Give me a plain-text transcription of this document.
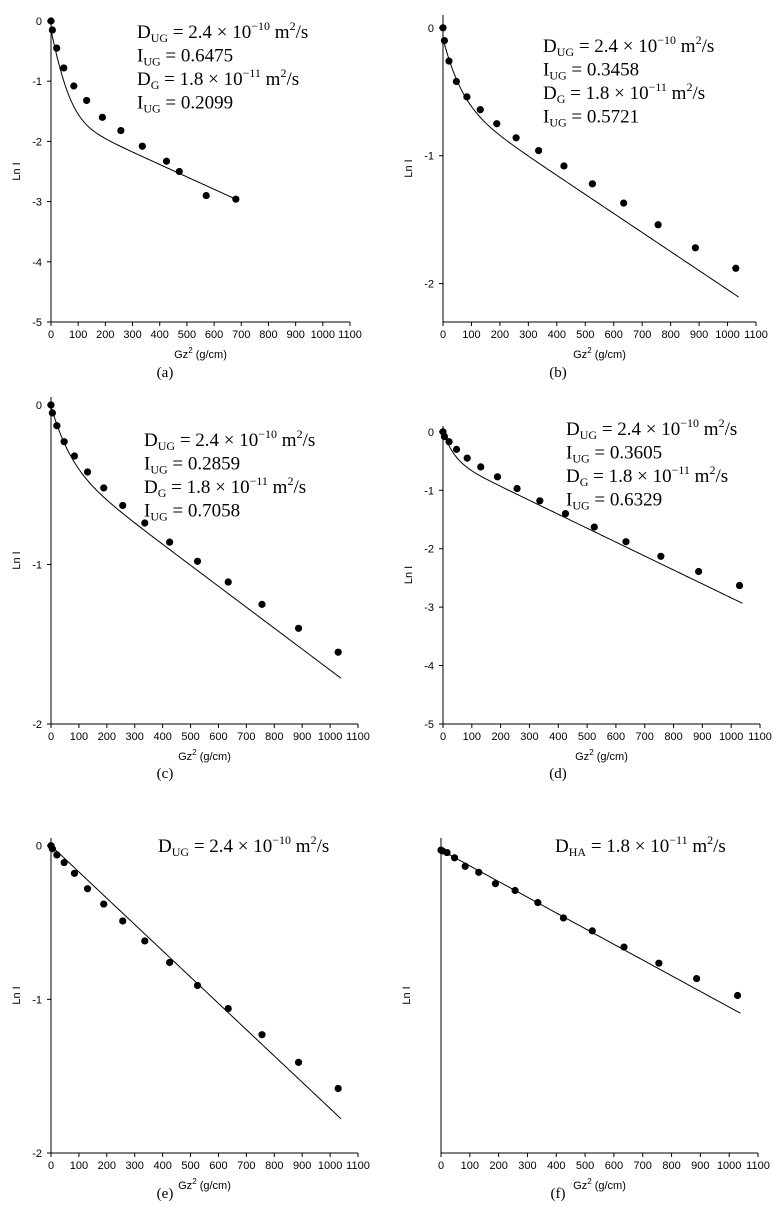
0 100 200 300 400 500 600 700 800 900 1000 1100
0
-1
-2
-3
-4
-5
Gz$^2$ (g/cm)
Ln I
$D_{UG} = 2.4 \times 10^{-10}$ $m^2/s$
$I_{UG} = 0.6475$
$D_G = 1.8 \times 10^{-11}$ $m^2/s$
$I_{UG} = 0.2099$
(a)
0 100 200 300 400 500 600 700 800 900 1000 1100
0
-1
-2
Gz$^2$ (g/cm)
Ln I
$D_{UG} = 2.4 \times 10^{-10}$ $m^2/s$
$I_{UG} = 0.3458$
$D_G = 1.8 \times 10^{-11}$ $m^2/s$
$I_{UG} = 0.5721$
(b)
0 100 200 300 400 500 600 700 800 900 1000 1100
0
-1
-2
Gz$^2$ (g/cm)
Ln I
$D_{UG} = 2.4 \times 10^{-10}$ $m^2/s$
$I_{UG} = 0.2859$
$D_G = 1.8 \times 10^{-11}$ $m^2/s$
$I_{UG} = 0.7058$
(c)
0 100 200 300 400 500 600 700 800 900 1000 1100
0
-1
-2
-3
-4
-5
Gz$^2$ (g/cm)
Ln I
$D_{UG} = 2.4 \times 10^{-10}$ $m^2/s$
$I_{UG} = 0.3605$
$D_G = 1.8 \times 10^{-11}$ $m^2/s$
$I_{UG} = 0.6329$
(d)
0 100 200 300 400 500 600 700 800 900 1000 1100
0
-1
-2
Gz$^2$ (g/cm)
Ln I
$D_{UG} = 2.4 \times 10^{-10}$ $m^2/s$
(e)
0 100 200 300 400 500 600 700 800 900 1000 1100
Gz$^2$ (g/cm)
Ln I
$D_{HA} = 1.8 \times 10^{-11}$ $m^2/s$
(f)
